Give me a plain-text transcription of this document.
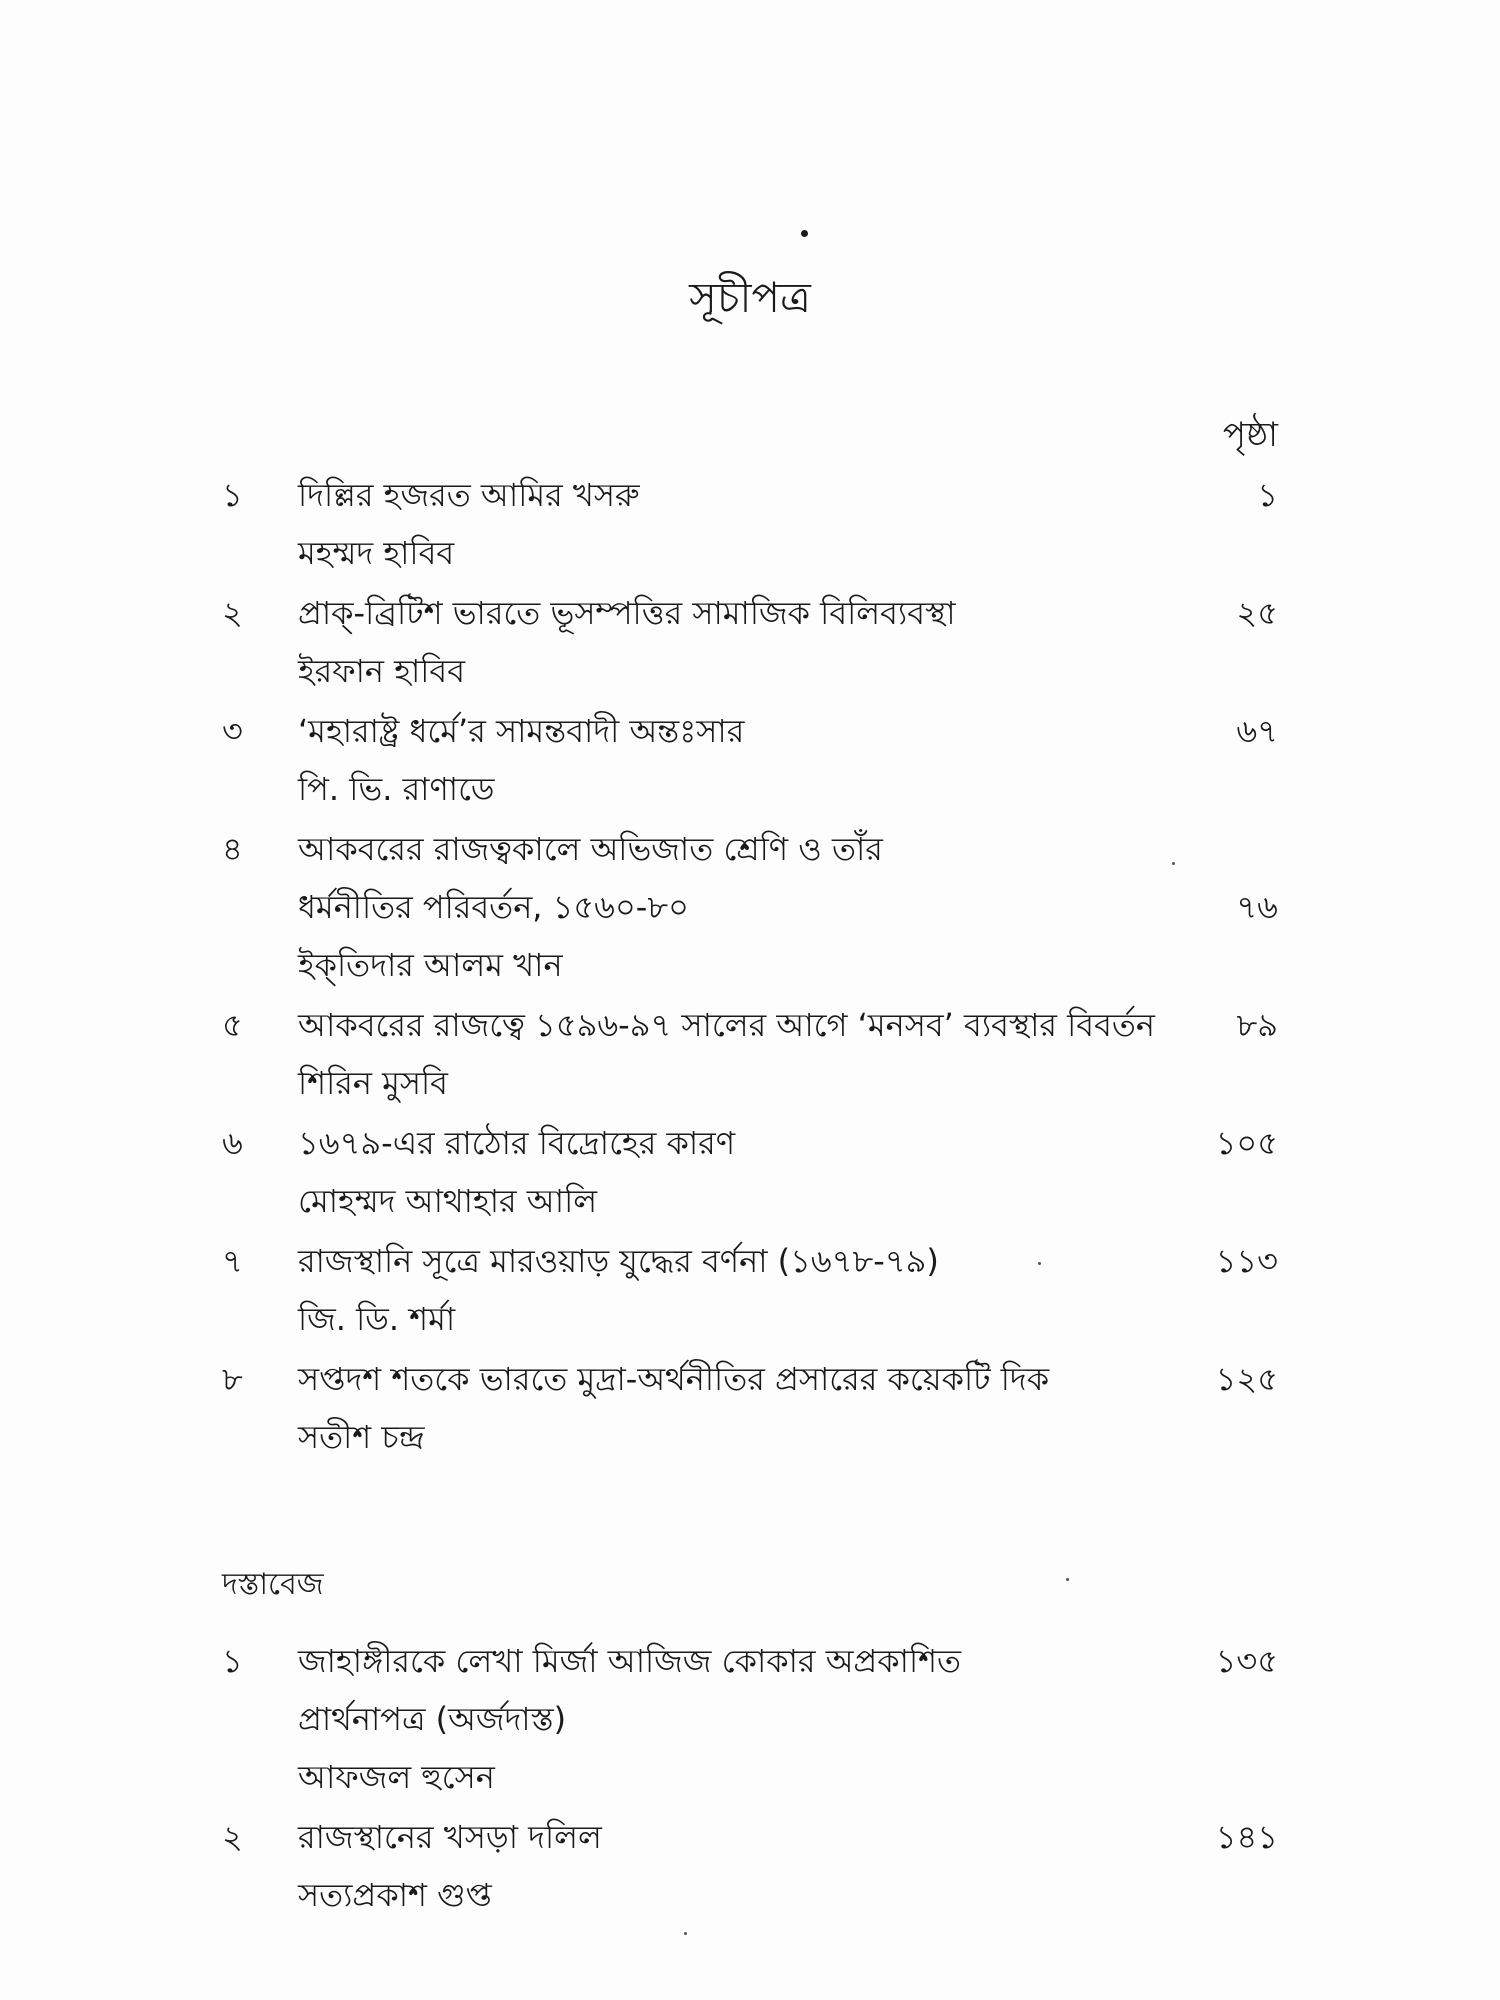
সূচীপত্র
পৃষ্ঠা
১	দিল্লির হজরত আমির খসরু	১
মহম্মদ হাবিব
২	প্রাক্-ব্রিটিশ ভারতে ভূসম্পত্তির সামাজিক বিলিব্যবস্থা	২৫
ইরফান হাবিব
৩	‘মহারাষ্ট্র ধর্মে’র সামন্তবাদী অন্তঃসার	৬৭
পি. ভি. রাণাডে
৪	আকবরের রাজত্বকালে অভিজাত শ্রেণি ও তাঁর
ধর্মনীতির পরিবর্তন, ১৫৬০-৮০	৭৬
ইক্‌তিদার আলম খান
৫	আকবরের রাজত্বে ১৫৯৬-৯৭ সালের আগে ‘মনসব’ ব্যবস্থার বিবর্তন	৮৯
শিরিন মুসবি
৬	১৬৭৯-এর রাঠোর বিদ্রোহের কারণ	১০৫
মোহম্মদ আথাহার আলি
৭	রাজস্থানি সূত্রে মারওয়াড় যুদ্ধের বর্ণনা (১৬৭৮-৭৯)	১১৩
জি. ডি. শর্মা
৮	সপ্তদশ শতকে ভারতে মুদ্রা-অর্থনীতির প্রসারের কয়েকটি দিক	১২৫
সতীশ চন্দ্র
দস্তাবেজ
১	জাহাঙ্গীরকে লেখা মির্জা আজিজ কোকার অপ্রকাশিত	১৩৫
প্রার্থনাপত্র (অর্জদাস্ত)
আফজল হুসেন
২	রাজস্থানের খসড়া দলিল	১৪১
সত্যপ্রকাশ গুপ্ত
